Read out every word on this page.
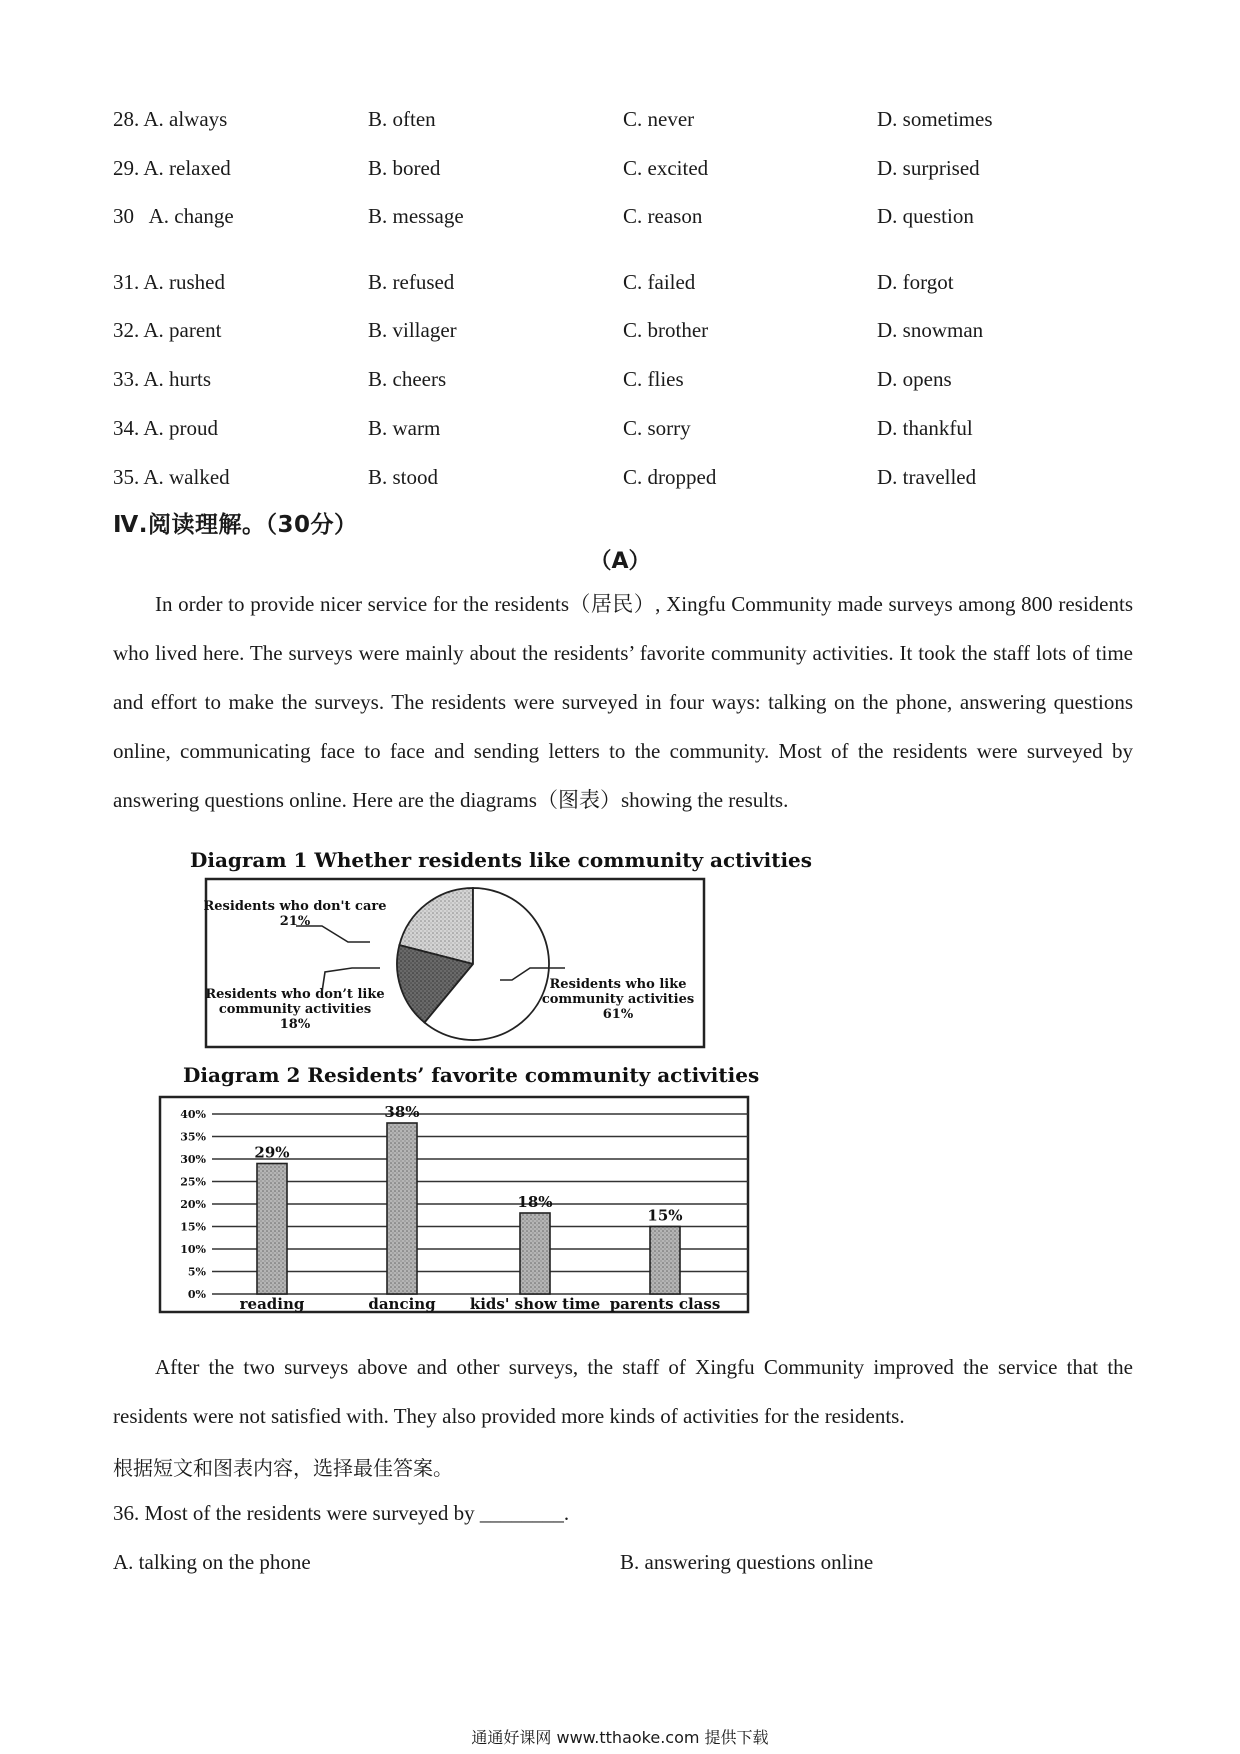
28. A. always	B. often	C. never	D. sometimes
29. A. relaxed	B. bored	C. excited	D. surprised
30   A. change	B. message	C. reason	D. question
31. A. rushed	B. refused	C. failed	D. forgot
32. A. parent	B. villager	C. brother	D. snowman
33. A. hurts	B. cheers	C. flies	D. opens
34. A. proud	B. warm	C. sorry	D. thankful
35. A. walked	B. stood	C. dropped	D. travelled
Ⅳ.阅读理解。（30分）
（A）

In order to provide nicer service for the residents（居民）, Xingfu Community made surveys among 800 residents who lived here. The surveys were mainly about the residents’ favorite community activities. It took the staff lots of time and effort to make the surveys. The residents were surveyed in four ways: talking on the phone, answering questions online, communicating face to face and sending letters to the community. Most of the residents were surveyed by answering questions online. Here are the diagrams（图表）showing the results.

Diagram 1 Whether residents like community activities
Residents who don't care 21%
Residents who don’t like community activities 18%
Residents who like community activities 61%
Diagram 2 Residents’ favorite community activities
0%
5%
10%
15%
20%
25%
30%
35%
40%
29%
reading
38%
dancing
18%
kids' show time
15%
parents class

After the two surveys above and other surveys, the staff of Xingfu Community improved the service that the residents were not satisfied with. They also provided more kinds of activities for the residents.

根据短文和图表内容，选择最佳答案。
36. Most of the residents were surveyed by ________.
A. talking on the phone	B. answering questions online
通通好课网 www.tthaoke.com 提供下载
